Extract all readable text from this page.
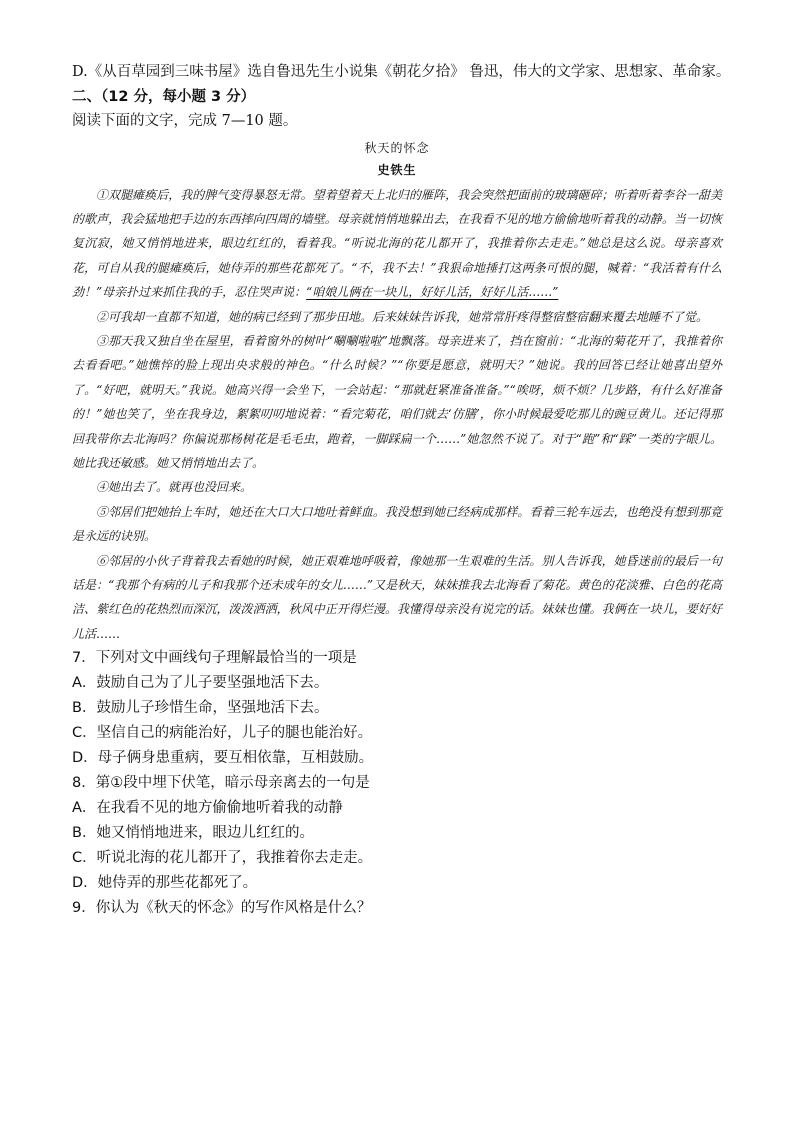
D.《从百草园到三味书屋》选自鲁迅先生小说集《朝花夕拾》 鲁迅，伟大的文学家、思想家、革命家。
二、（12 分，每小题 3 分）
阅读下面的文字，完成 7—10 题。
秋天的怀念
史铁生

①双腿瘫痪后，我的脾气变得暴怒无常。望着望着天上北归的雁阵，我会突然把面前的玻璃砸碎；听着听着李谷一甜美的歌声，我会猛地把手边的东西摔向四周的墙壁。母亲就悄悄地躲出去，在我看不见的地方偷偷地听着我的动静。当一切恢复沉寂，她又悄悄地进来，眼边红红的，看着我。“听说北海的花儿都开了，我推着你去走走。”她总是这么说。母亲喜欢花，可自从我的腿瘫痪后，她侍弄的那些花都死了。“不，我不去！”我狠命地捶打这两条可恨的腿，喊着：“我活着有什么劲！”母亲扑过来抓住我的手，忍住哭声说：“咱娘儿俩在一块儿，好好儿活，好好儿活……”

②可我却一直都不知道，她的病已经到了那步田地。后来妹妹告诉我，她常常肝疼得整宿整宿翻来覆去地睡不了觉。

③那天我又独自坐在屋里，看着窗外的树叶“唰唰啦啦”地飘落。母亲进来了，挡在窗前：“北海的菊花开了，我推着你去看看吧。”她憔悴的脸上现出央求般的神色。“什么时候？”“你要是愿意，就明天？”她说。我的回答已经让她喜出望外了。“好吧，就明天。”我说。她高兴得一会坐下，一会站起：“那就赶紧准备准备。”“唉呀，烦不烦？几步路，有什么好准备的！”她也笑了，坐在我身边，絮絮叨叨地说着：“看完菊花，咱们就去‘仿膳’，你小时候最爱吃那儿的豌豆黄儿。还记得那回我带你去北海吗？你偏说那杨树花是毛毛虫，跑着，一脚踩扁一个……”她忽然不说了。对于“跑”和“踩”一类的字眼儿。她比我还敏感。她又悄悄地出去了。

④她出去了。就再也没回来。

⑤邻居们把她抬上车时，她还在大口大口地吐着鲜血。我没想到她已经病成那样。看着三轮车远去，也绝没有想到那竟是永远的诀别。

⑥邻居的小伙子背着我去看她的时候，她正艰难地呼吸着，像她那一生艰难的生活。别人告诉我，她昏迷前的最后一句话是：“我那个有病的儿子和我那个还未成年的女儿……”又是秋天，妹妹推我去北海看了菊花。黄色的花淡雅、白色的花高洁、紫红色的花热烈而深沉，泼泼洒洒，秋风中正开得烂漫。我懂得母亲没有说完的话。妹妹也懂。我俩在一块儿，要好好儿活……

7．下列对文中画线句子理解最恰当的一项是
A．鼓励自己为了儿子要坚强地活下去。
B．鼓励儿子珍惜生命，坚强地活下去。
C．坚信自己的病能治好，儿子的腿也能治好。
D．母子俩身患重病，要互相依靠，互相鼓励。
8．第①段中埋下伏笔，暗示母亲离去的一句是
A．在我看不见的地方偷偷地听着我的动静
B．她又悄悄地进来，眼边儿红红的。
C．听说北海的花儿都开了，我推着你去走走。
D．她侍弄的那些花都死了。
9．你认为《秋天的怀念》的写作风格是什么？
